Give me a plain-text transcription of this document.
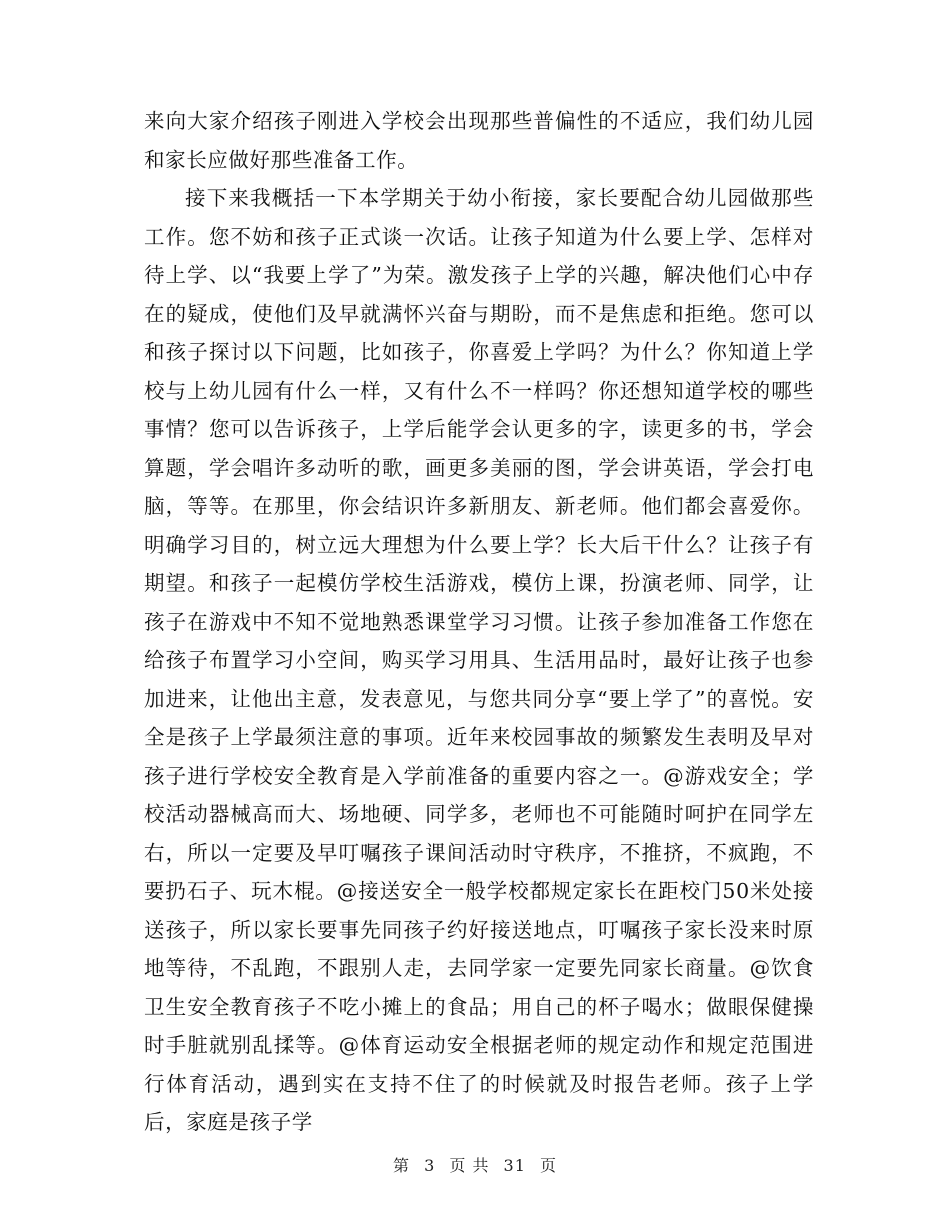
来向大家介绍孩子刚进入学校会出现那些普偏性的不适应，我们幼儿园和家长应做好那些准备工作。

接下来我概括一下本学期关于幼小衔接，家长要配合幼儿园做那些工作。您不妨和孩子正式谈一次话。让孩子知道为什么要上学、怎样对待上学、以“我要上学了”为荣。激发孩子上学的兴趣，解决他们心中存在的疑成，使他们及早就满怀兴奋与期盼，而不是焦虑和拒绝。您可以和孩子探讨以下问题，比如孩子，你喜爱上学吗？为什么？你知道上学校与上幼儿园有什么一样，又有什么不一样吗？你还想知道学校的哪些事情？您可以告诉孩子，上学后能学会认更多的字，读更多的书，学会算题，学会唱许多动听的歌，画更多美丽的图，学会讲英语，学会打电脑，等等。在那里，你会结识许多新朋友、新老师。他们都会喜爱你。明确学习目的，树立远大理想为什么要上学？长大后干什么？让孩子有期望。和孩子一起模仿学校生活游戏，模仿上课，扮演老师、同学，让孩子在游戏中不知不觉地熟悉课堂学习习惯。让孩子参加准备工作您在给孩子布置学习小空间，购买学习用具、生活用品时，最好让孩子也参加进来，让他出主意，发表意见，与您共同分享“要上学了”的喜悦。安全是孩子上学最须注意的事项。近年来校园事故的频繁发生表明及早对孩子进行学校安全教育是入学前准备的重要内容之一。@游戏安全；学校活动器械高而大、场地硬、同学多，老师也不可能随时呵护在同学左右，所以一定要及早叮嘱孩子课间活动时守秩序，不推挤，不疯跑，不要扔石子、玩木棍。@接送安全一般学校都规定家长在距校门50米处接送孩子，所以家长要事先同孩子约好接送地点，叮嘱孩子家长没来时原地等待，不乱跑，不跟别人走，去同学家一定要先同家长商量。@饮食卫生安全教育孩子不吃小摊上的食品；用自己的杯子喝水；做眼保健操时手脏就别乱揉等。@体育运动安全根据老师的规定动作和规定范围进行体育活动，遇到实在支持不住了的时候就及时报告老师。孩子上学后，家庭是孩子学

第 3 页 共 31 页
